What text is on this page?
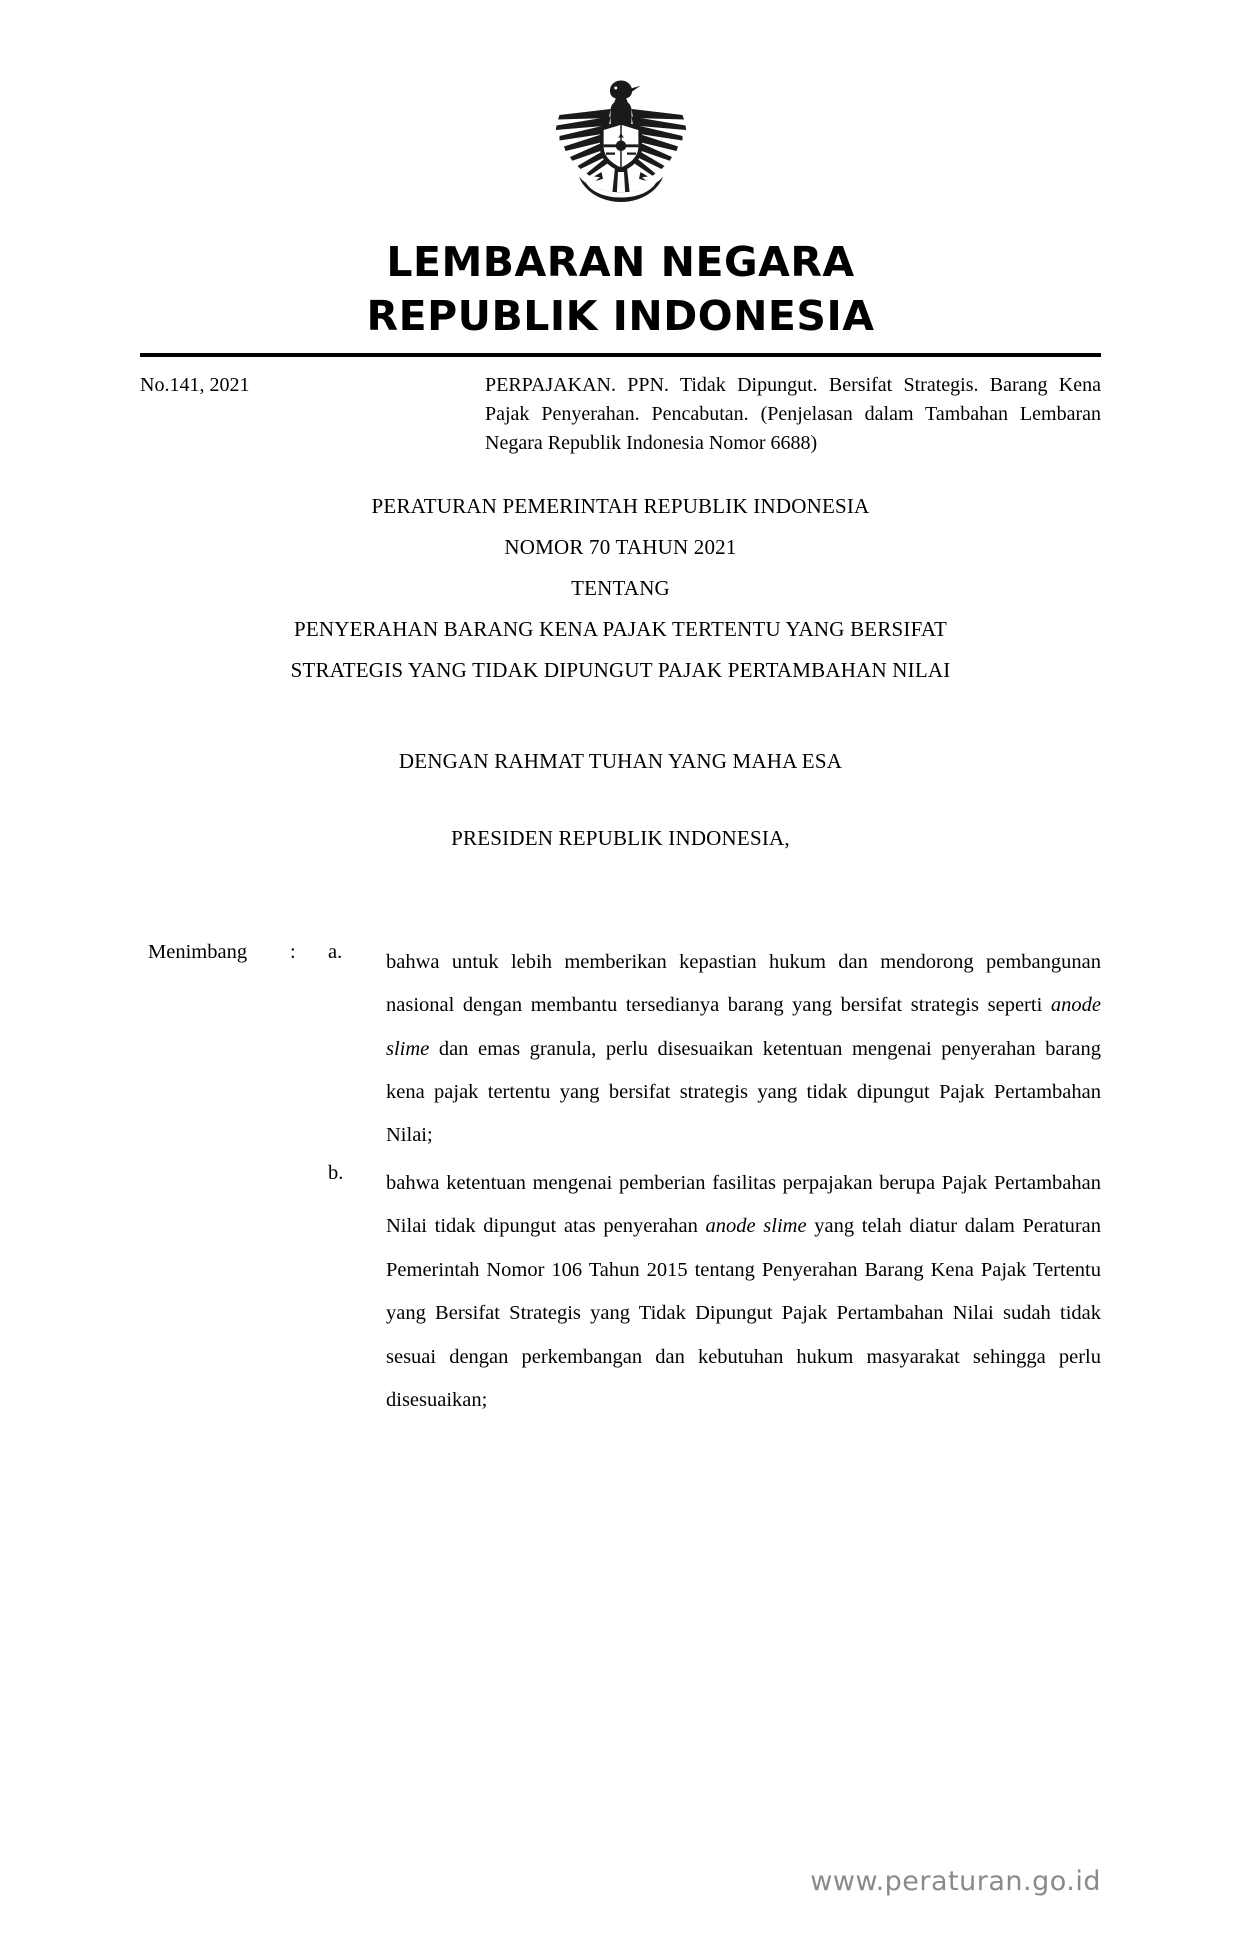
LEMBARAN NEGARA
REPUBLIK INDONESIA
No.141, 2021	PERPAJAKAN. PPN. Tidak Dipungut. Bersifat Strategis. Barang Kena Pajak Penyerahan. Pencabutan. (Penjelasan dalam Tambahan Lembaran Negara Republik Indonesia Nomor 6688)
PERATURAN PEMERINTAH REPUBLIK INDONESIA
NOMOR 70 TAHUN 2021
TENTANG
PENYERAHAN BARANG KENA PAJAK TERTENTU YANG BERSIFAT
STRATEGIS YANG TIDAK DIPUNGUT PAJAK PERTAMBAHAN NILAI
DENGAN RAHMAT TUHAN YANG MAHA ESA
PRESIDEN REPUBLIK INDONESIA,
Menimbang	:	a.	bahwa untuk lebih memberikan kepastian hukum dan mendorong pembangunan nasional dengan membantu tersedianya barang yang bersifat strategis seperti anode slime dan emas granula, perlu disesuaikan ketentuan mengenai penyerahan barang kena pajak tertentu yang bersifat strategis yang tidak dipungut Pajak Pertambahan Nilai;
b.	bahwa ketentuan mengenai pemberian fasilitas perpajakan berupa Pajak Pertambahan Nilai tidak dipungut atas penyerahan anode slime yang telah diatur dalam Peraturan Pemerintah Nomor 106 Tahun 2015 tentang Penyerahan Barang Kena Pajak Tertentu yang Bersifat Strategis yang Tidak Dipungut Pajak Pertambahan Nilai sudah tidak sesuai dengan perkembangan dan kebutuhan hukum masyarakat sehingga perlu disesuaikan;
www.peraturan.go.id
